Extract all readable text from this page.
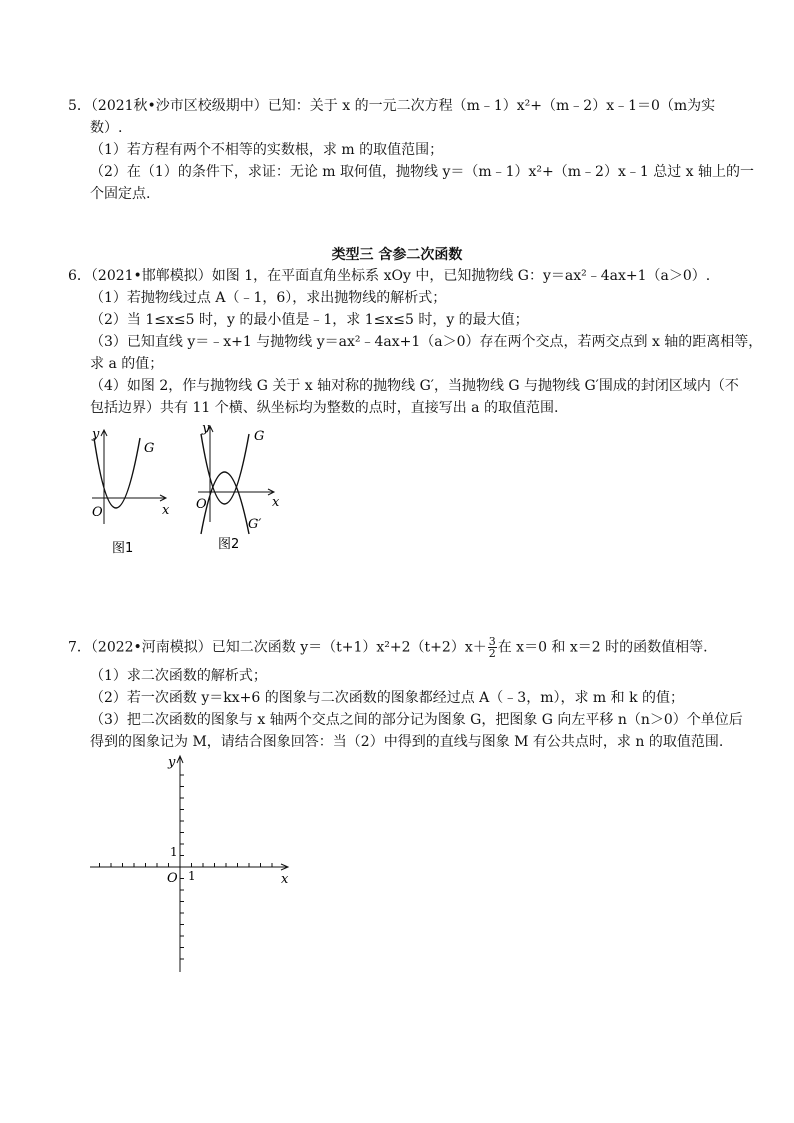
5．（2021秋•沙市区校级期中）已知：关于 x 的一元二次方程（m﹣1）x²+（m﹣2）x﹣1＝0（m为实
数）.
（1）若方程有两个不相等的实数根，求 m 的取值范围；
（2）在（1）的条件下，求证：无论 m 取何值，抛物线 y＝（m﹣1）x²+（m﹣2）x﹣1 总过 x 轴上的一
个固定点.
类型三 含参二次函数
6．（2021•邯郸模拟）如图 1，在平面直角坐标系 xOy 中，已知抛物线 G：y＝ax²﹣4ax+1（a＞0）.
（1）若抛物线过点 A（﹣1，6），求出抛物线的解析式；
（2）当 1≤x≤5 时，y 的最小值是﹣1，求 1≤x≤5 时，y 的最大值；
（3）已知直线 y＝﹣x+1 与抛物线 y＝ax²﹣4ax+1（a＞0）存在两个交点，若两交点到 x 轴的距离相等，
求 a 的值；
（4）如图 2，作与抛物线 G 关于 x 轴对称的抛物线 G′，当抛物线 G 与抛物线 G′围成的封闭区域内（不
包括边界）共有 11 个横、纵坐标均为整数的点时，直接写出 a 的取值范围.
y
x
O
G
图1
y
x
O
G
G′
图2
7．（2022•河南模拟）已知二次函数 $y=(t+1)x^2+2(t+2)x+ \frac{3}{2}$ 在 x＝0 和 x＝2 时的函数值相等.
（1）求二次函数的解析式；
（2）若一次函数 y＝kx+6 的图象与二次函数的图象都经过点 A（﹣3，m），求 m 和 k 的值；
（3）把二次函数的图象与 x 轴两个交点之间的部分记为图象 G，把图象 G 向左平移 n（n＞0）个单位后
得到的图象记为 M，请结合图象回答：当（2）中得到的直线与图象 M 有公共点时，求 n 的取值范围.
y
x
O 1
1
